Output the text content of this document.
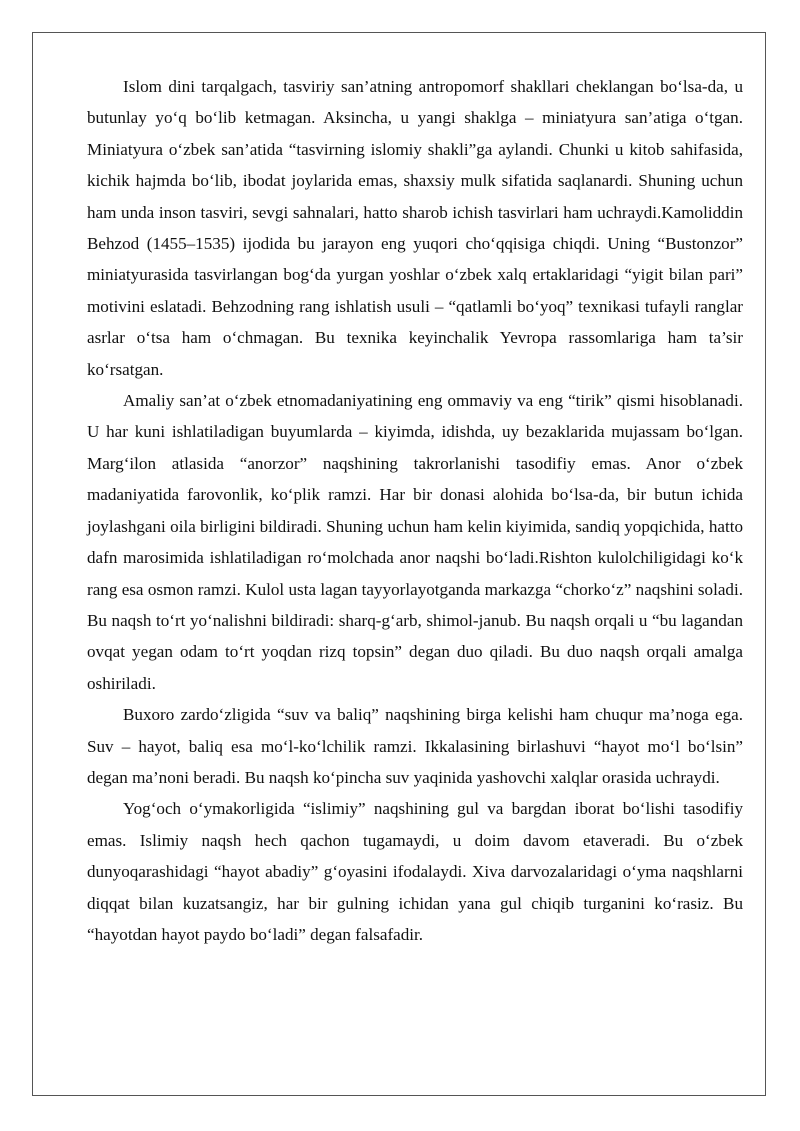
Islom dini tarqalgach, tasviriy san’atning antropomorf shakllari cheklangan bo‘lsa-da, u butunlay yo‘q bo‘lib ketmagan. Aksincha, u yangi shaklga – miniatyura san’atiga o‘tgan. Miniatyura o‘zbek san’atida “tasvirning islomiy shakli”ga aylandi. Chunki u kitob sahifasida, kichik hajmda bo‘lib, ibodat joylarida emas, shaxsiy mulk sifatida saqlanardi. Shuning uchun ham unda inson tasviri, sevgi sahnalari, hatto sharob ichish tasvirlari ham uchraydi.Kamoliddin Behzod (1455–1535) ijodida bu jarayon eng yuqori cho‘qqisiga chiqdi. Uning “Bustonzor” miniatyurasida tasvirlangan bog‘da yurgan yoshlar o‘zbek xalq ertaklaridagi “yigit bilan pari” motivini eslatadi. Behzodning rang ishlatish usuli – “qatlamli bo‘yoq” texnikasi tufayli ranglar asrlar o‘tsa ham o‘chmagan. Bu texnika keyinchalik Yevropa rassomlariga ham ta’sir ko‘rsatgan.

Amaliy san’at o‘zbek etnomadaniyatining eng ommaviy va eng “tirik” qismi hisoblanadi. U har kuni ishlatiladigan buyumlarda – kiyimda, idishda, uy bezaklarida mujassam bo‘lgan. Marg‘ilon atlasida “anorzor” naqshining takrorlanishi tasodifiy emas. Anor o‘zbek madaniyatida farovonlik, ko‘plik ramzi. Har bir donasi alohida bo‘lsa-da, bir butun ichida joylashgani oila birligini bildiradi. Shuning uchun ham kelin kiyimida, sandiq yopqichida, hatto dafn marosimida ishlatiladigan ro‘molchada anor naqshi bo‘ladi.Rishton kulolchiligidagi ko‘k rang esa osmon ramzi. Kulol usta lagan tayyorlayotganda markazga “chorko‘z” naqshini soladi. Bu naqsh to‘rt yo‘nalishni bildiradi: sharq-g‘arb, shimol-janub. Bu naqsh orqali u “bu lagandan ovqat yegan odam to‘rt yoqdan rizq topsin” degan duo qiladi. Bu duo naqsh orqali amalga oshiriladi.

Buxoro zardo‘zligida “suv va baliq” naqshining birga kelishi ham chuqur ma’noga ega. Suv – hayot, baliq esa mo‘l-ko‘lchilik ramzi. Ikkalasining birlashuvi “hayot mo‘l bo‘lsin” degan ma’noni beradi. Bu naqsh ko‘pincha suv yaqinida yashovchi xalqlar orasida uchraydi.

Yog‘och o‘ymakorligida “islimiy” naqshining gul va bargdan iborat bo‘lishi tasodifiy emas. Islimiy naqsh hech qachon tugamaydi, u doim davom etaveradi. Bu o‘zbek dunyoqarashidagi “hayot abadiy” g‘oyasini ifodalaydi. Xiva darvozalaridagi o‘yma naqshlarni diqqat bilan kuzatsangiz, har bir gulning ichidan yana gul chiqib turganini ko‘rasiz. Bu “hayotdan hayot paydo bo‘ladi” degan falsafadir.
